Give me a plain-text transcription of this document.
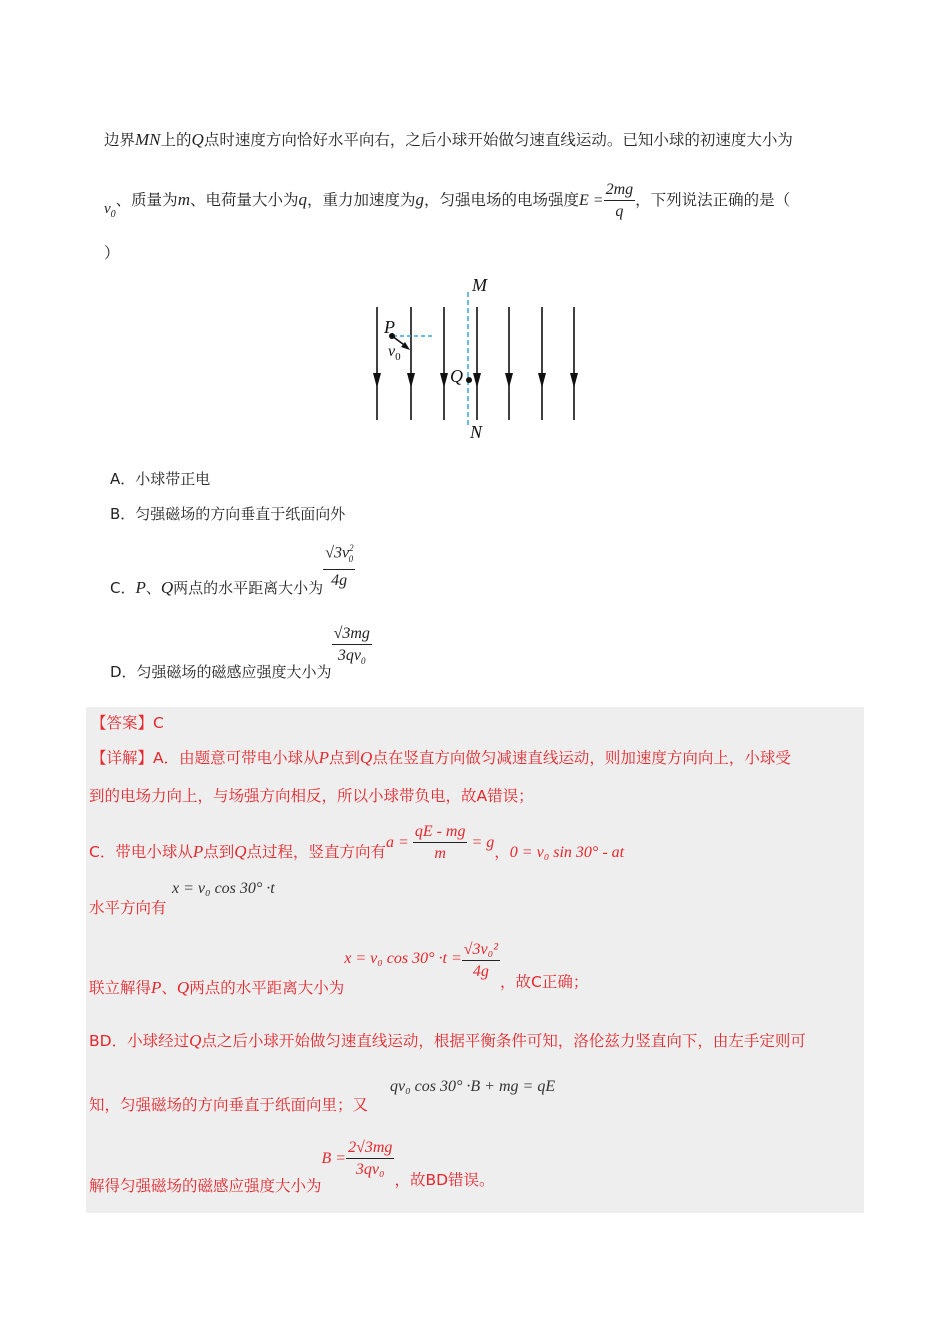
边界MN上的Q点时速度方向恰好水平向右，之后小球开始做匀速直线运动。已知小球的初速度大小为
$v_0$、质量为m、电荷量大小为q，重力加速度为g，匀强电场的电场强度$E = \frac{2mg}{q}$ ，下列说法正确的是（
）
M
N
P
Q
$v_0$
A．小球带正电
B．匀强磁场的方向垂直于纸面向外
C．P、Q两点的水平距离大小为 $\frac{√3v^2_0}{4g}$
D．匀强磁场的磁感应强度大小为 $\frac{√3mg}{3qv_0}$
【答案】C
【详解】A．由题意可带电小球从P点到Q点在竖直方向做匀减速直线运动，则加速度方向向上，小球受
到的电场力向上，与场强方向相反，所以小球带负电，故A错误；
C．带电小球从P点到Q点过程，竖直方向有$a = \frac{qE - mg}{m} = g$，0 = v₀ sin 30° - at
x = v₀ cos 30° ·t
水平方向有
联立解得P、Q两点的水平距离大小为x = v₀ $\cos 30^\circ \cdot t = \frac{\text{√3v₀²}}{4g}$ ，故C正确；
BD．小球经过Q点之后小球开始做匀速直线运动，根据平衡条件可知，洛伦兹力竖直向下，由左手定则可
qv₀ cos 30° ·B + mg = qE
知，匀强磁场的方向垂直于纸面向里；又
解得匀强磁场的磁感应强度大小为$B = \frac{2√3mg}{\text{3qv₀}}$ ，故BD错误。
